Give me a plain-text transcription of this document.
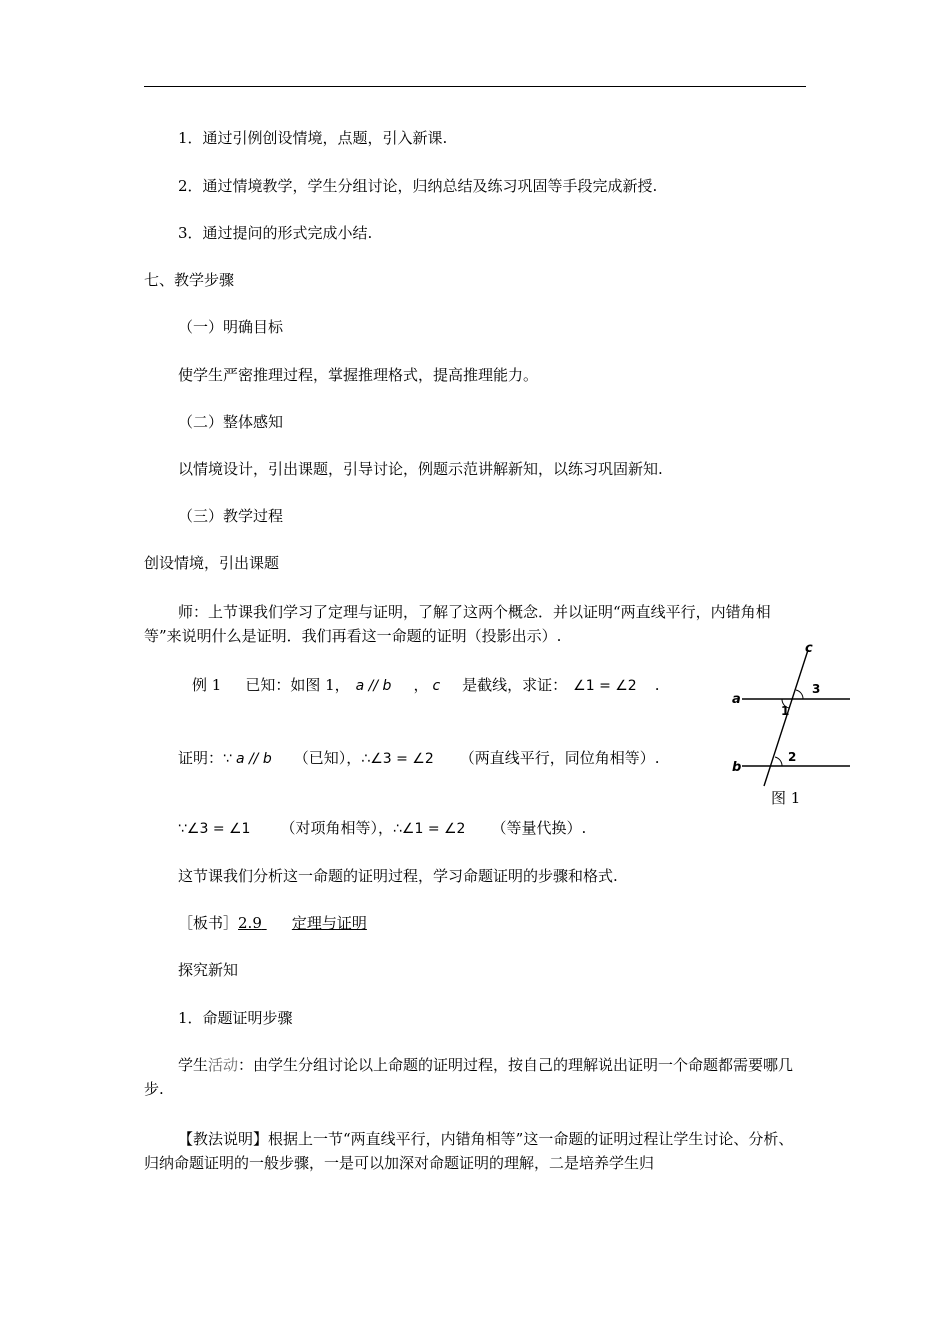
1．通过引例创设情境，点题，引入新课.
2．通过情境教学，学生分组讨论，归纳总结及练习巩固等手段完成新授.
3．通过提问的形式完成小结.
七、教学步骤
（一）明确目标
使学生严密推理过程，掌握推理格式，提高推理能力。
（二）整体感知
以情境设计，引出课题，引导讨论，例题示范讲解新知，以练习巩固新知.
（三）教学过程
创设情境，引出课题
师：上节课我们学习了定理与证明，了解了这两个概念．并以证明“两直线平行，内错角相等”来说明什么是证明．我们再看这一命题的证明（投影出示）.
例 1 已知：如图 1， a // b ， c 是截线，求证： ∠1 = ∠2 .
证明：∵ a // b （已知），∴∠3 = ∠2 （两直线平行，同位角相等）.
∵∠3 = ∠1 （对项角相等），∴∠1 = ∠2 （等量代换）.
这节课我们分析这一命题的证明过程，学习命题证明的步骤和格式.
［板书］2.9 定理与证明
探究新知
1．命题证明步骤
学生活动：由学生分组讨论以上命题的证明过程，按自己的理解说出证明一个命题都需要哪几步.
【教法说明】根据上一节“两直线平行，内错角相等”这一命题的证明过程让学生讨论、分析、归纳命题证明的一般步骤，一是可以加深对命题证明的理解，二是培养学生归
a
b
c
1
2
3
图 1
